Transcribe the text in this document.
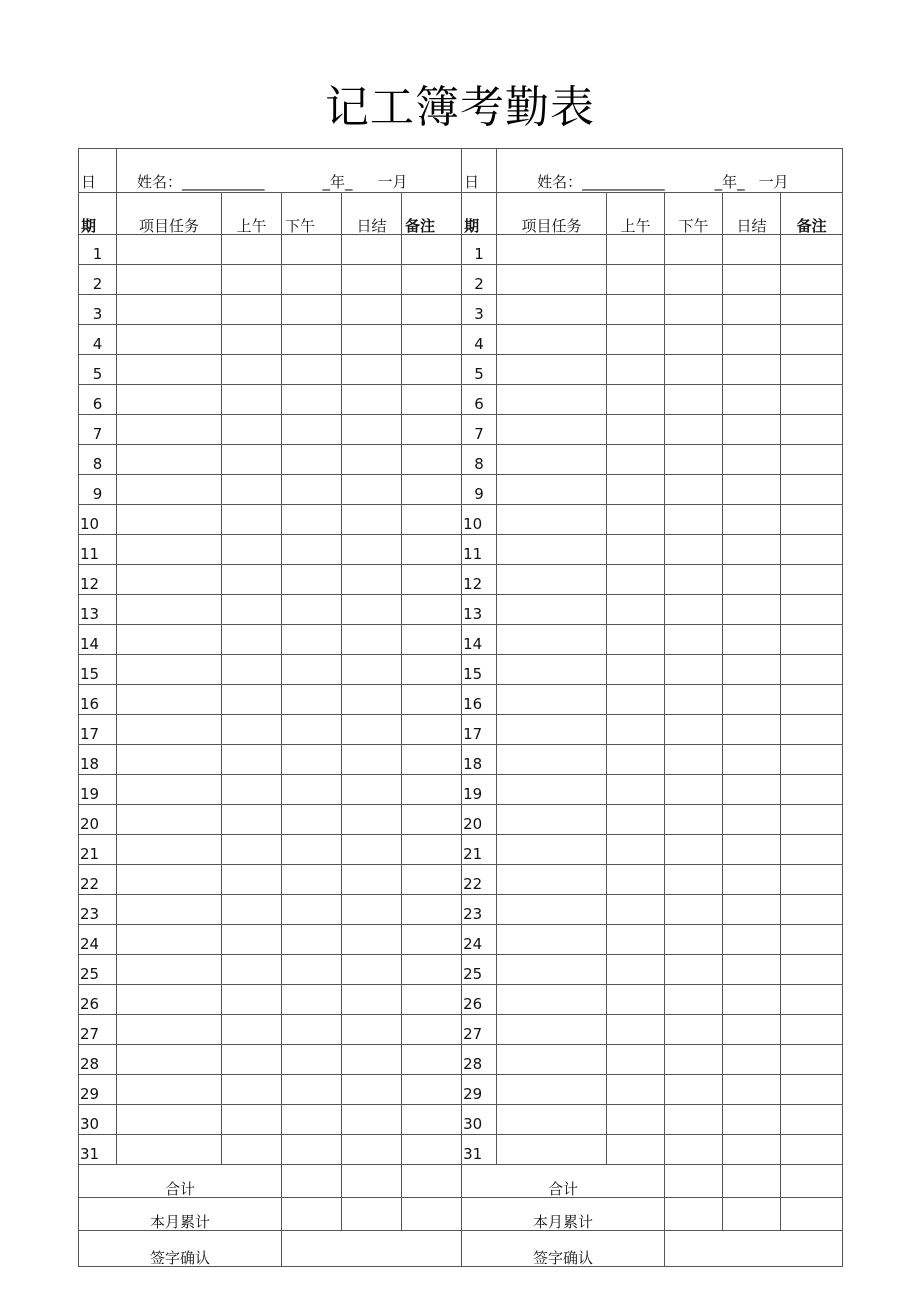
记工簿考勤表
日	姓名：___________ _年_ 一月					日	姓名：___________ _年_ 一月				
期	项目任务	上午	下午	日结	备注	期	项目任务	上午	下午	日结	备注
1						1					
2						2					
3						3					
4						4					
5						5					
6						6					
7						7					
8						8					
9						9					
10						10					
11						11					
12						12					
13						13					
14						14					
15						15					
16						16					
17						17					
18						18					
19						19					
20						20					
21						21					
22						22					
23						23					
24						24					
25						25					
26						26					
27						27					
28						28					
29						29					
30						30					
31						31					
合计						合计					
本月累计						本月累计					
签字确认						签字确认					
